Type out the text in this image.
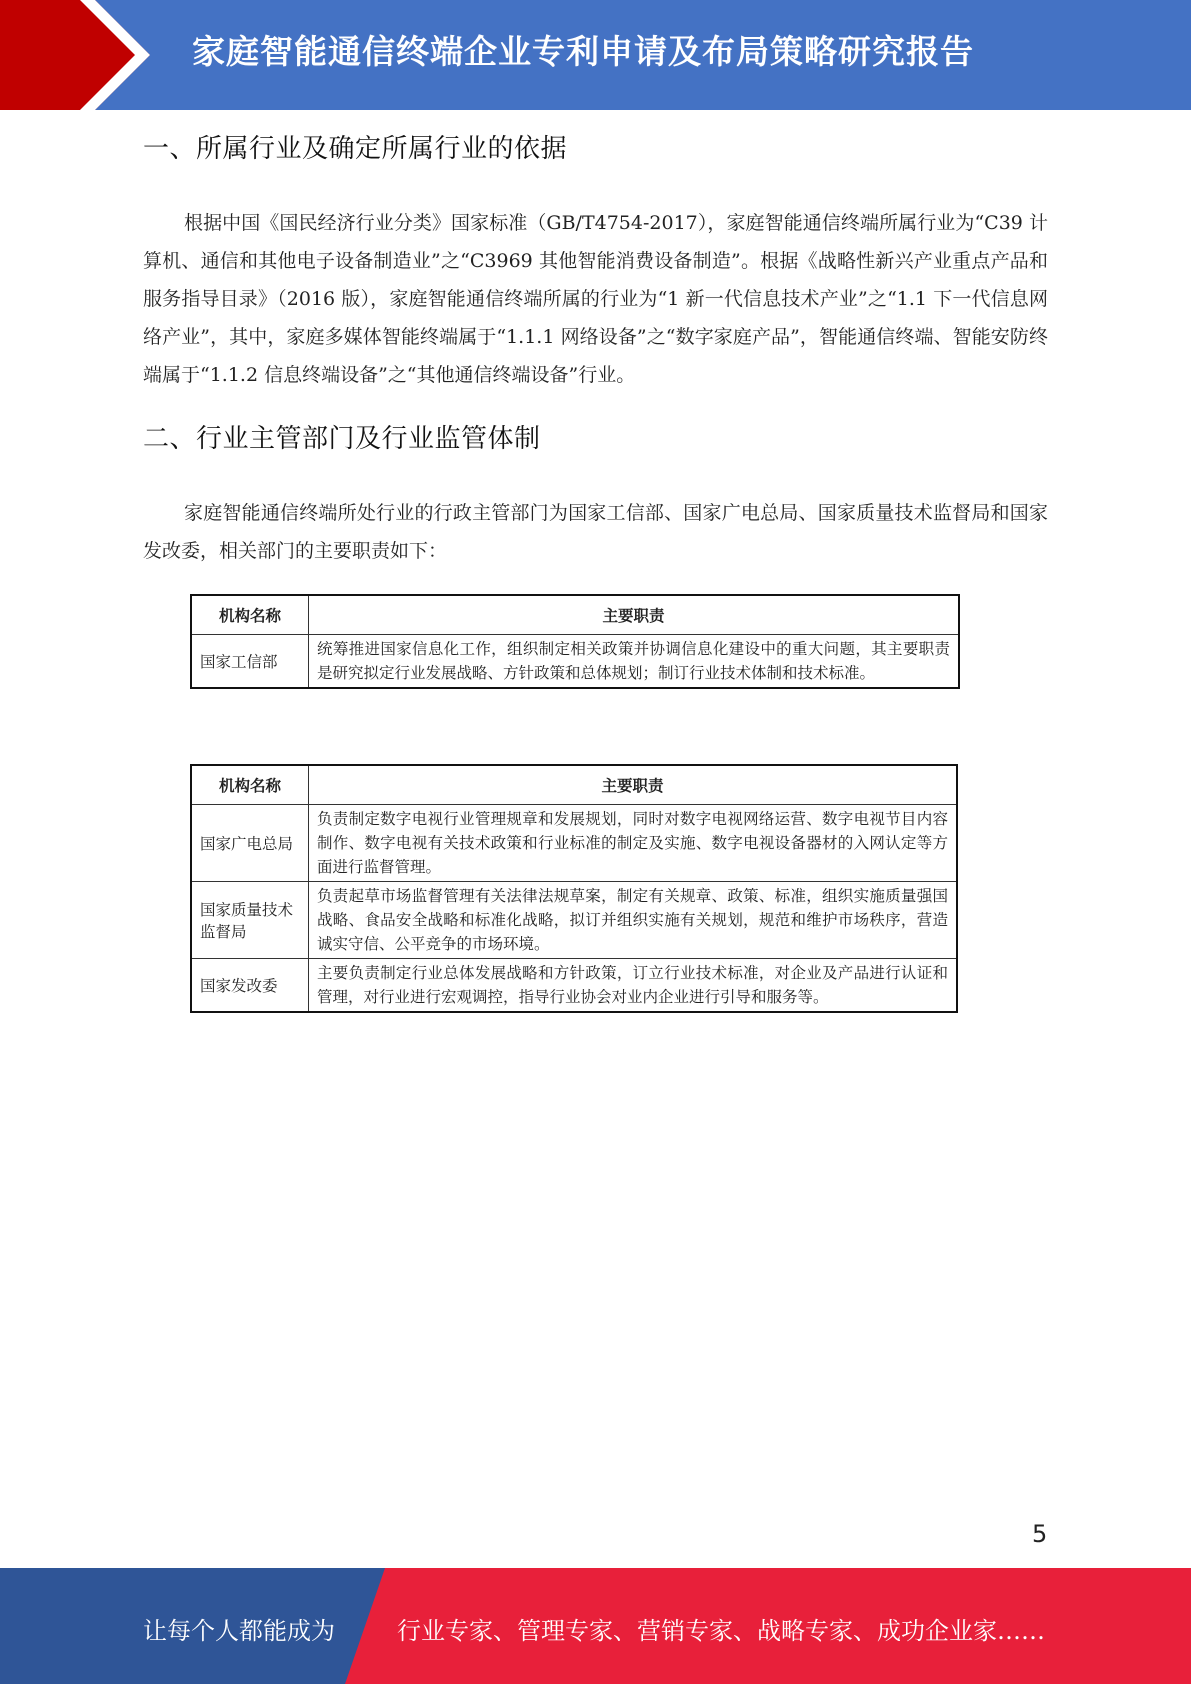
家庭智能通信终端企业专利申请及布局策略研究报告
一、所属行业及确定所属行业的依据

根据中国《国民经济行业分类》国家标准（GB/T4754-2017），家庭智能通信终端所属行业为“C39 计算机、通信和其他电子设备制造业”之“C3969 其他智能消费设备制造”。根据《战略性新兴产业重点产品和服务指导目录》（2016 版），家庭智能通信终端所属的行业为“1 新一代信息技术产业”之“1.1 下一代信息网络产业”，其中，家庭多媒体智能终端属于“1.1.1 网络设备”之“数字家庭产品”，智能通信终端、智能安防终端属于“1.1.2 信息终端设备”之“其他通信终端设备”行业。

二、行业主管部门及行业监管体制

家庭智能通信终端所处行业的行政主管部门为国家工信部、国家广电总局、国家质量技术监督局和国家发改委，相关部门的主要职责如下：

机构名称	主要职责
国家工信部	统筹推进国家信息化工作，组织制定相关政策并协调信息化建设中的重大问题，其主要职责是研究拟定行业发展战略、方针政策和总体规划；制订行业技术体制和技术标准。
机构名称	主要职责
国家广电总局	负责制定数字电视行业管理规章和发展规划，同时对数字电视网络运营、数字电视节目内容制作、数字电视有关技术政策和行业标准的制定及实施、数字电视设备器材的入网认定等方面进行监督管理。
国家质量技术监督局	负责起草市场监督管理有关法律法规草案，制定有关规章、政策、标准，组织实施质量强国战略、食品安全战略和标准化战略，拟订并组织实施有关规划，规范和维护市场秩序，营造诚实守信、公平竞争的市场环境。
国家发改委	主要负责制定行业总体发展战略和方针政策，订立行业技术标准，对企业及产品进行认证和管理，对行业进行宏观调控，指导行业协会对业内企业进行引导和服务等。
5
让每个人都能成为	行业专家、管理专家、营销专家、战略专家、成功企业家……
